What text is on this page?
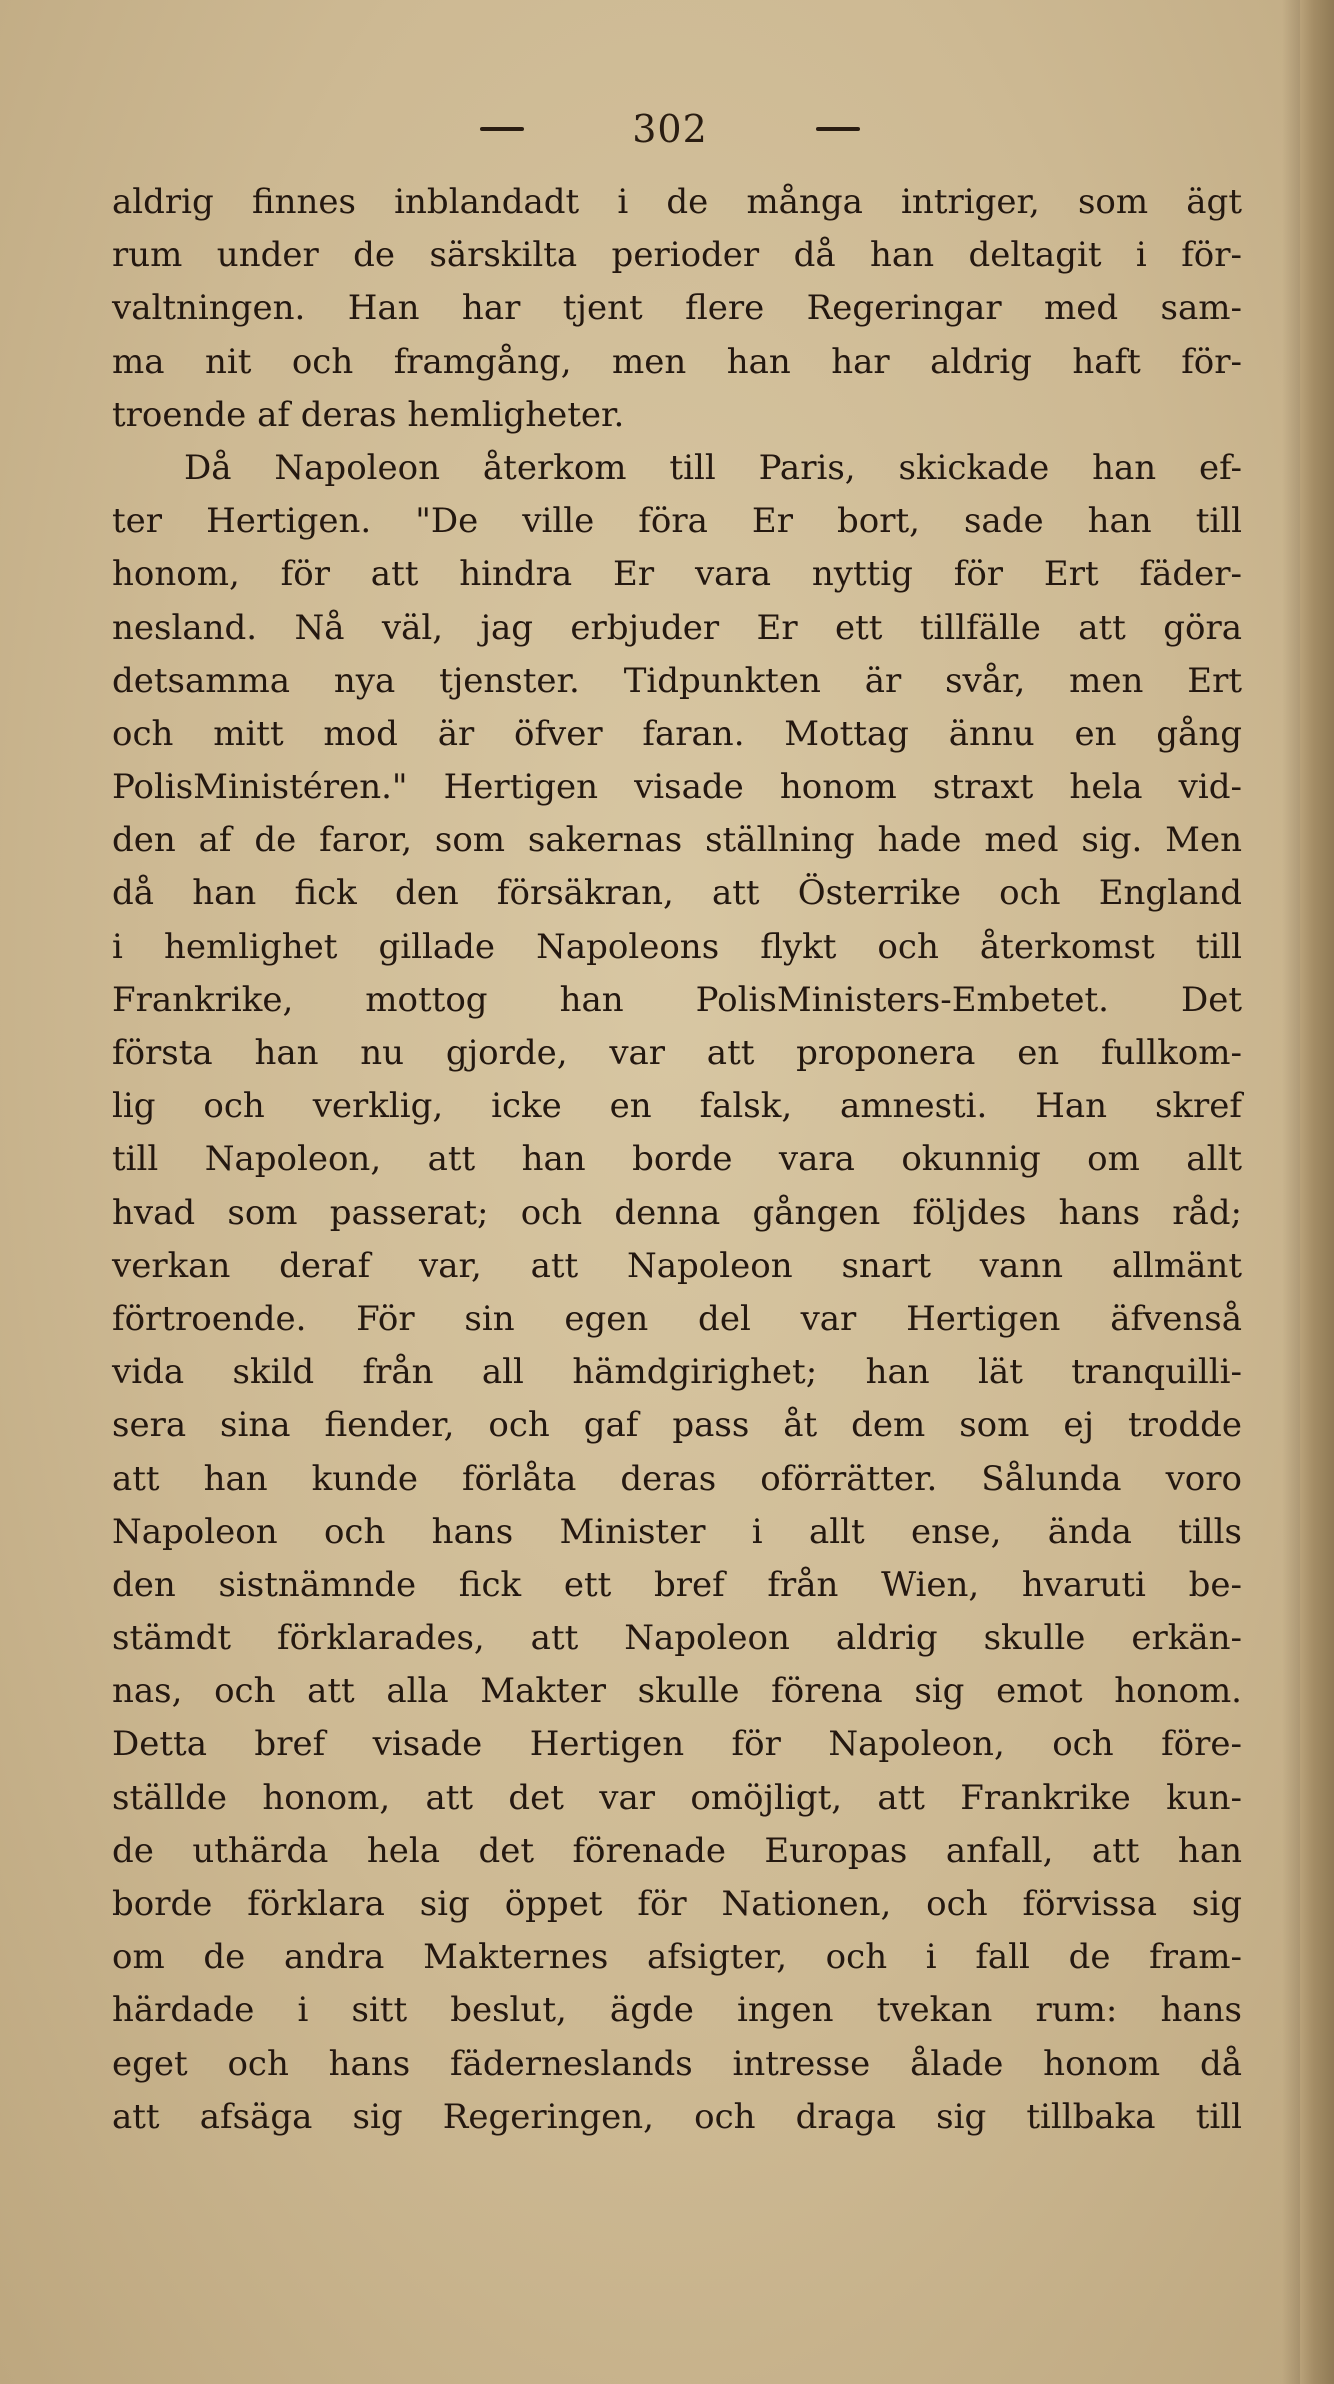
302
aldrig finnes inblandadt i de många intriger, som ägt
rum under de särskilta perioder då han deltagit i för-
valtningen. Han har tjent flere Regeringar med sam-
ma nit och framgång, men han har aldrig haft för-
troende af deras hemligheter.
Då Napoleon återkom till Paris, skickade han ef-
ter Hertigen. "De ville föra Er bort, sade han till
honom, för att hindra Er vara nyttig för Ert fäder-
nesland. Nå väl, jag erbjuder Er ett tillfälle att göra
detsamma nya tjenster. Tidpunkten är svår, men Ert
och mitt mod är öfver faran. Mottag ännu en gång
PolisMinistéren." Hertigen visade honom straxt hela vid-
den af de faror, som sakernas ställning hade med sig. Men
då han fick den försäkran, att Österrike och England
i hemlighet gillade Napoleons flykt och återkomst till
Frankrike, mottog han PolisMinisters-Embetet. Det
första han nu gjorde, var att proponera en fullkom-
lig och verklig, icke en falsk, amnesti. Han skref
till Napoleon, att han borde vara okunnig om allt
hvad som passerat; och denna gången följdes hans råd;
verkan deraf var, att Napoleon snart vann allmänt
förtroende. För sin egen del var Hertigen äfvenså
vida skild från all hämdgirighet; han lät tranquilli-
sera sina fiender, och gaf pass åt dem som ej trodde
att han kunde förlåta deras oförrätter. Sålunda voro
Napoleon och hans Minister i allt ense, ända tills
den sistnämnde fick ett bref från Wien, hvaruti be-
stämdt förklarades, att Napoleon aldrig skulle erkän-
nas, och att alla Makter skulle förena sig emot honom.
Detta bref visade Hertigen för Napoleon, och före-
ställde honom, att det var omöjligt, att Frankrike kun-
de uthärda hela det förenade Europas anfall, att han
borde förklara sig öppet för Nationen, och förvissa sig
om de andra Makternes afsigter, och i fall de fram-
härdade i sitt beslut, ägde ingen tvekan rum: hans
eget och hans fäderneslands intresse ålade honom då
att afsäga sig Regeringen, och draga sig tillbaka till
